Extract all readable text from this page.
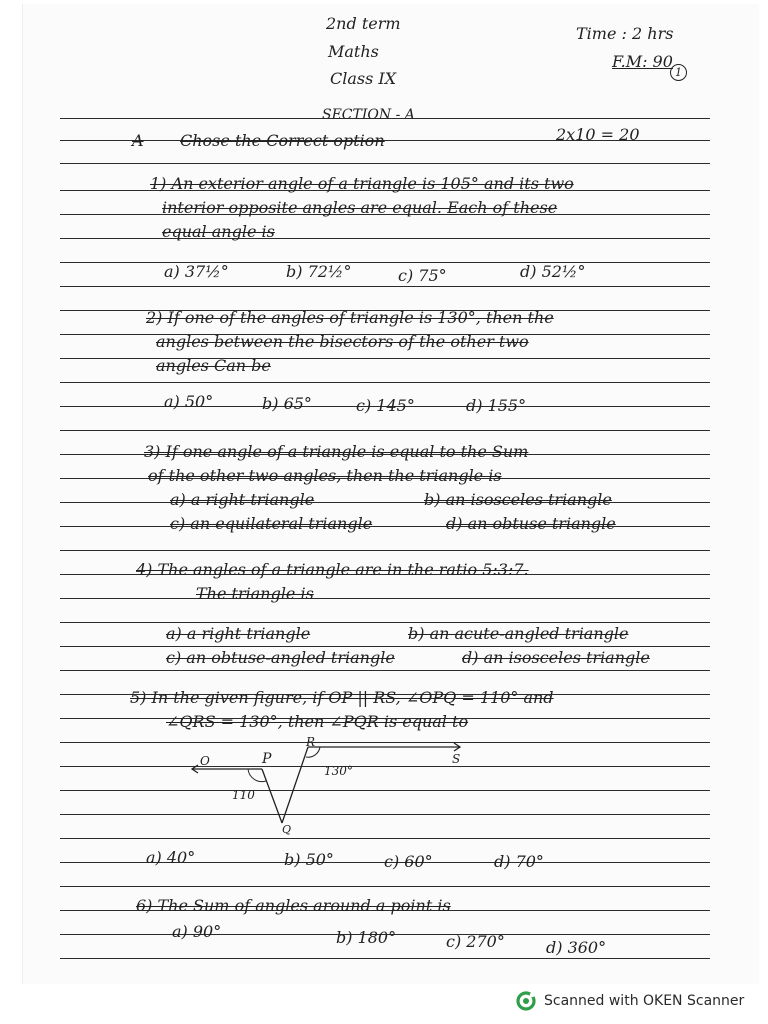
2nd term
Maths
Class IX
Time : 2 hrs
F.M: 90
1
SECTION - A
A Chose the Correct option	2x10 = 20
1) An exterior angle of a triangle is 105° and its two
interior opposite angles are equal. Each of these
equal angle is
a) 37½°	b) 72½°	c) 75°	d) 52½°
2) If one of the angles of triangle is 130°, then the
angles between the bisectors of the other two
angles Can be
a) 50°	b) 65°	c) 145°	d) 155°
3) If one angle of a triangle is equal to the Sum
of the other two angles, then the triangle is
a) a right triangle	b) an isosceles triangle
c) an equilateral triangle	d) an obtuse triangle
4) The angles of a triangle are in the ratio 5:3:7.
The triangle is
a) a right triangle	b) an acute-angled triangle
c) an obtuse-angled triangle	d) an isosceles triangle
5) In the given figure, if OP || RS, ∠OPQ = 110° and
∠QRS = 130°, then ∠PQR is equal to
O	P
Q
R
S
110
130°
a) 40°	b) 50°	c) 60°	d) 70°
6) The Sum of angles around a point is
a) 90°	b) 180°	c) 270°	d) 360°
Scanned with OKEN Scanner
